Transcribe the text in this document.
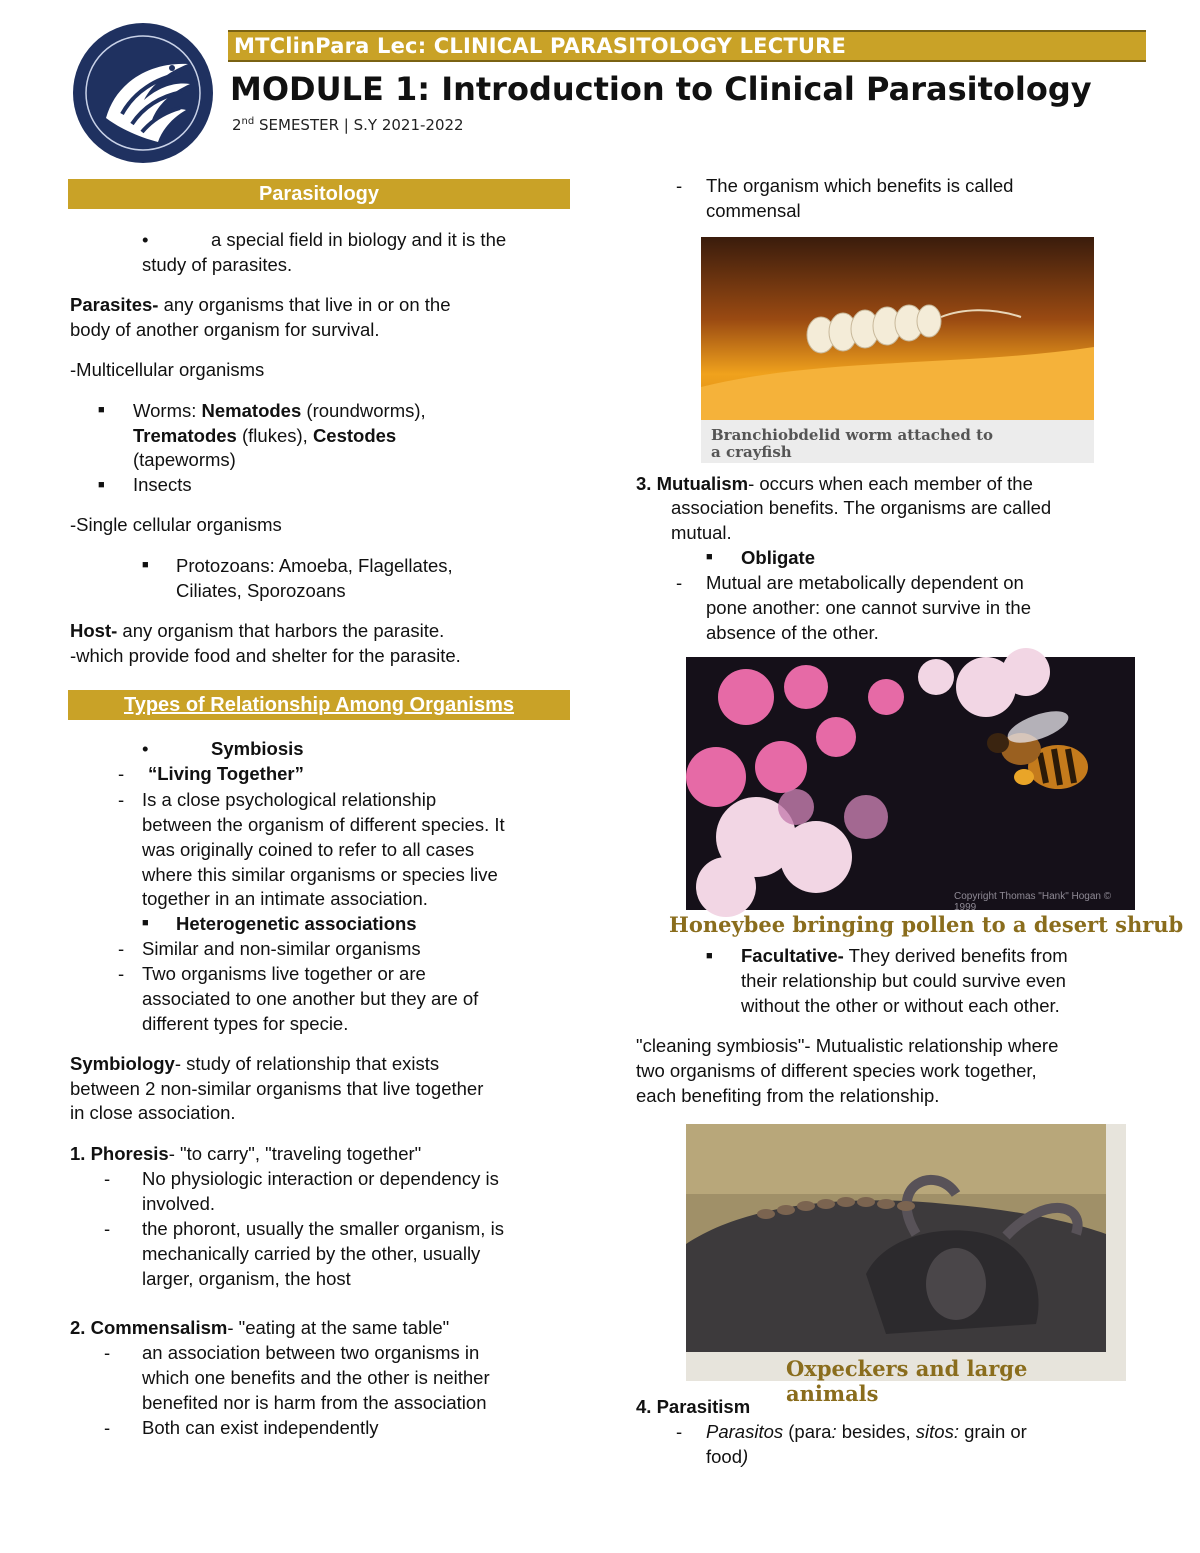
MTClinPara Lec: CLINICAL PARASITOLOGY LECTURE
MODULE 1: Introduction to Clinical Parasitology
2nd SEMESTER | S.Y 2021-2022
Parasitology
•	a special field in biology and it is the
study of parasites.
Parasites- any organisms that live in or on the
body of another organism for survival.
-Multicellular organisms
■ Worms: Nematodes (roundworms),
Trematodes (flukes), Cestodes
(tapeworms)
■ Insects
-Single cellular organisms
■ Protozoans: Amoeba, Flagellates,
Ciliates, Sporozoans
Host- any organism that harbors the parasite.
-which provide food and shelter for the parasite.
Types of Relationship Among Organisms
•	Symbiosis
- “Living Together”
- Is a close psychological relationship
between the organism of different species. It
was originally coined to refer to all cases
where this similar organisms or species live
together in an intimate association.
■ Heterogenetic associations
- Similar and non-similar organisms
- Two organisms live together or are
associated to one another but they are of
different types for specie.
Symbiology- study of relationship that exists
between 2 non-similar organisms that live together
in close association.
1. Phoresis- "to carry", "traveling together"
- No physiologic interaction or dependency is
involved.
- the phoront, usually the smaller organism, is
mechanically carried by the other, usually
larger, organism, the host
2. Commensalism- "eating at the same table"
- an association between two organisms in
which one benefits and the other is neither
benefited nor is harm from the association
- Both can exist independently
- The organism which benefits is called
commensal
Branchiobdelid worm attached to
a crayfish
3. Mutualism- occurs when each member of the
association benefits. The organisms are called
mutual.
■ Obligate
- Mutual are metabolically dependent on
pone another: one cannot survive in the
absence of the other.
Copyright Thomas "Hank" Hogan © 1999
Honeybee bringing pollen to a desert shrub
■ Facultative- They derived benefits from
their relationship but could survive even
without the other or without each other.
"cleaning symbiosis"- Mutualistic relationship where
two organisms of different species work together,
each benefiting from the relationship.
Oxpeckers and large animals
4. Parasitism
- Parasitos (para: besides, sitos: grain or
food)
